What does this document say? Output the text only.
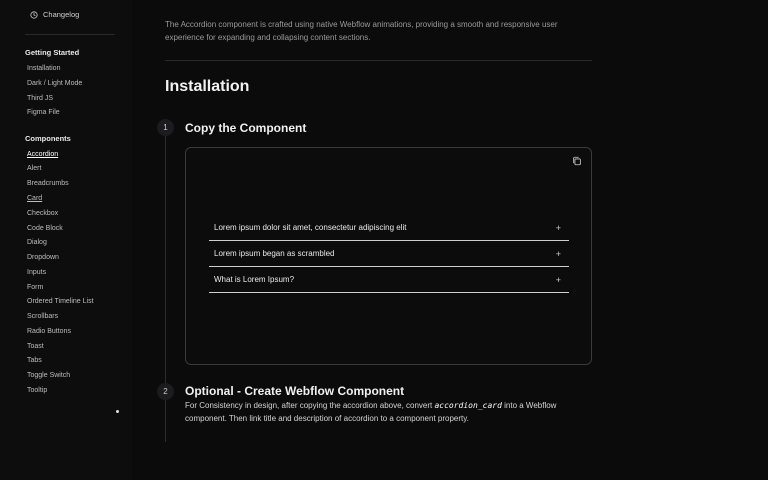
Changelog
Getting Started
Installation
Dark / Light Mode
Third JS
Figma File
Components
Accordion
Alert
Breadcrumbs
Card
Checkbox
Code Block
Dialog
Dropdown
Inputs
Form
Ordered Timeline List
Scrollbars
Radio Buttons
Toast
Tabs
Toggle Switch
Tooltip

The Accordion component is crafted using native Webflow animations, providing a smooth and responsive user experience for expanding and collapsing content sections.

Installation
1	Copy the Component
Lorem ipsum dolor sit amet, consectetur adipiscing elit	+
Lorem ipsum began as scrambled	+
What is Lorem Ipsum?	+
2	Optional - Create Webflow Component

For Consistency in design, after copying the accordion above, convert accordion_card into a Webflow component. Then link title and description of accordion to a component property.
